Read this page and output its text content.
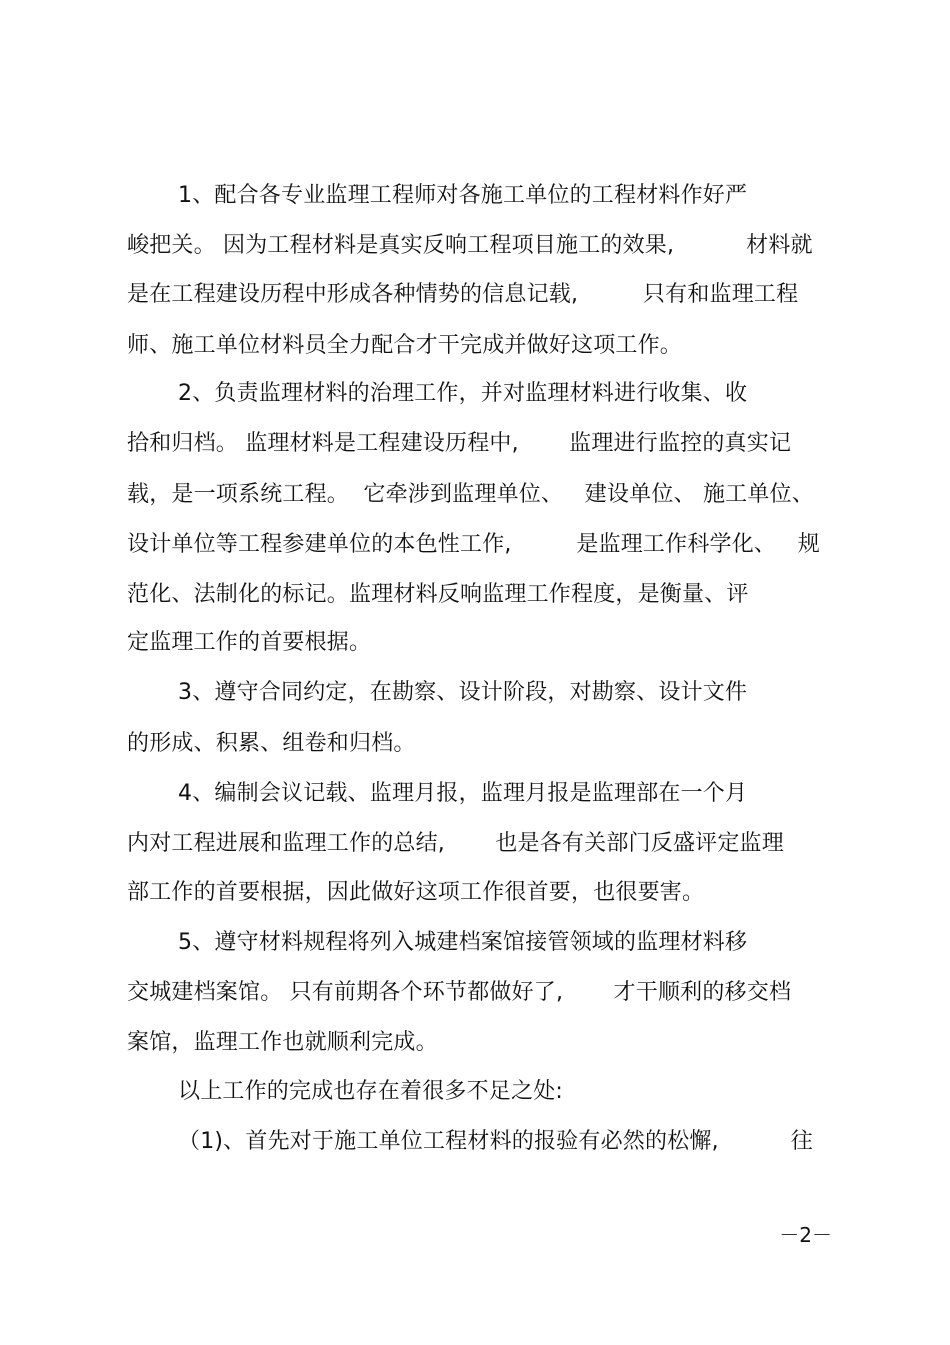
1、配合各专业监理工程师对各施工单位的工程材料作好严
峻把关。 因为工程材料是真实反响工程项目施工的效果,          材料就
是在工程建设历程中形成各种情势的信息记载,         只有和监理工程
师、施工单位材料员全力配合才干完成并做好这项工作。
2、负责监理材料的治理工作，并对监理材料进行收集、收
拾和归档。 监理材料是工程建设历程中,       监理进行监控的真实记
载，是一项系统工程。  它牵涉到监理单位、   建设单位、 施工单位、
设计单位等工程参建单位的本色性工作,         是监理工作科学化、   规
范化、法制化的标记。监理材料反响监理工作程度，是衡量、评
定监理工作的首要根据。
3、遵守合同约定，在勘察、设计阶段，对勘察、设计文件
的形成、积累、组卷和归档。
4、编制会议记载、监理月报，监理月报是监理部在一个月
内对工程进展和监理工作的总结,       也是各有关部门反盛评定监理
部工作的首要根据，因此做好这项工作很首要，也很要害。
5、遵守材料规程将列入城建档案馆接管领域的监理材料移
交城建档案馆。 只有前期各个环节都做好了,       才干顺利的移交档
案馆，监理工作也就顺利完成。
以上工作的完成也存在着很多不足之处:
（1)、首先对于施工单位工程材料的报验有必然的松懈,          往
－2－
